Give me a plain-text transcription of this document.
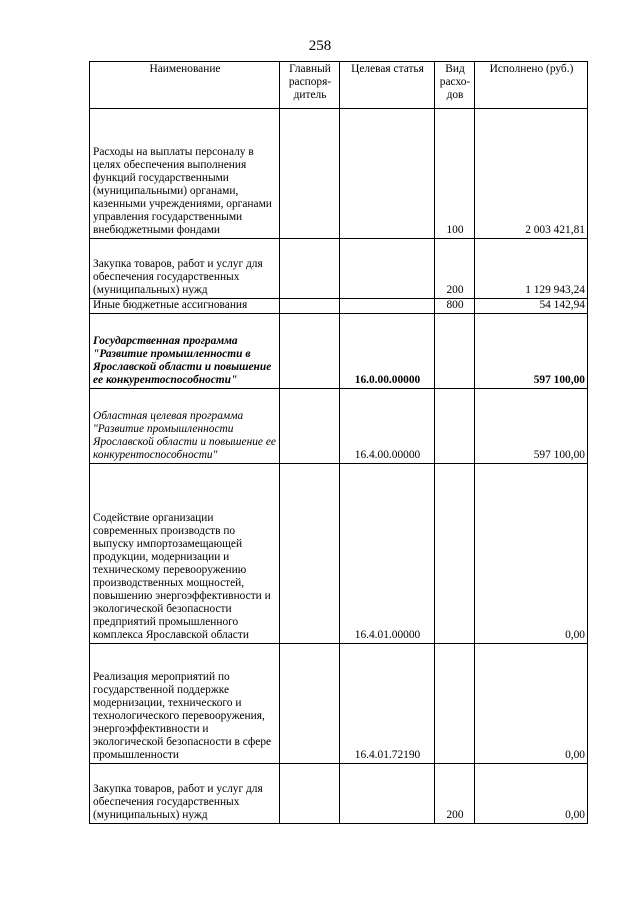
258
Наименование	Главный распоря-дитель	Целевая статья	Вид расхо-дов	Исполнено (руб.)
Расходы на выплаты персоналу в целях обеспечения выполнения функций государственными (муниципальными) органами, казенными учреждениями, органами управления государственными внебюджетными фондами			100	2 003 421,81
Закупка товаров, работ и услуг для обеспечения государственных (муниципальных) нужд			200	1 129 943,24
Иные бюджетные ассигнования			800	54 142,94
Государственная программа "Развитие промышленности в Ярославской области и повышение ее конкурентоспособности"		16.0.00.00000		597 100,00
Областная целевая программа "Развитие промышленности Ярославской области и повышение ее конкурентоспособности"		16.4.00.00000		597 100,00
Содействие организации современных производств по выпуску импортозамещающей продукции, модернизации и техническому перевооружению производственных мощностей, повышению энергоэффективности и экологической безопасности предприятий промышленного комплекса Ярославской области		16.4.01.00000		0,00
Реализация мероприятий по государственной поддержке модернизации, технического и технологического перевооружения, энергоэффективности и экологической безопасности в сфере промышленности		16.4.01.72190		0,00
Закупка товаров, работ и услуг для обеспечения государственных (муниципальных) нужд			200	0,00
